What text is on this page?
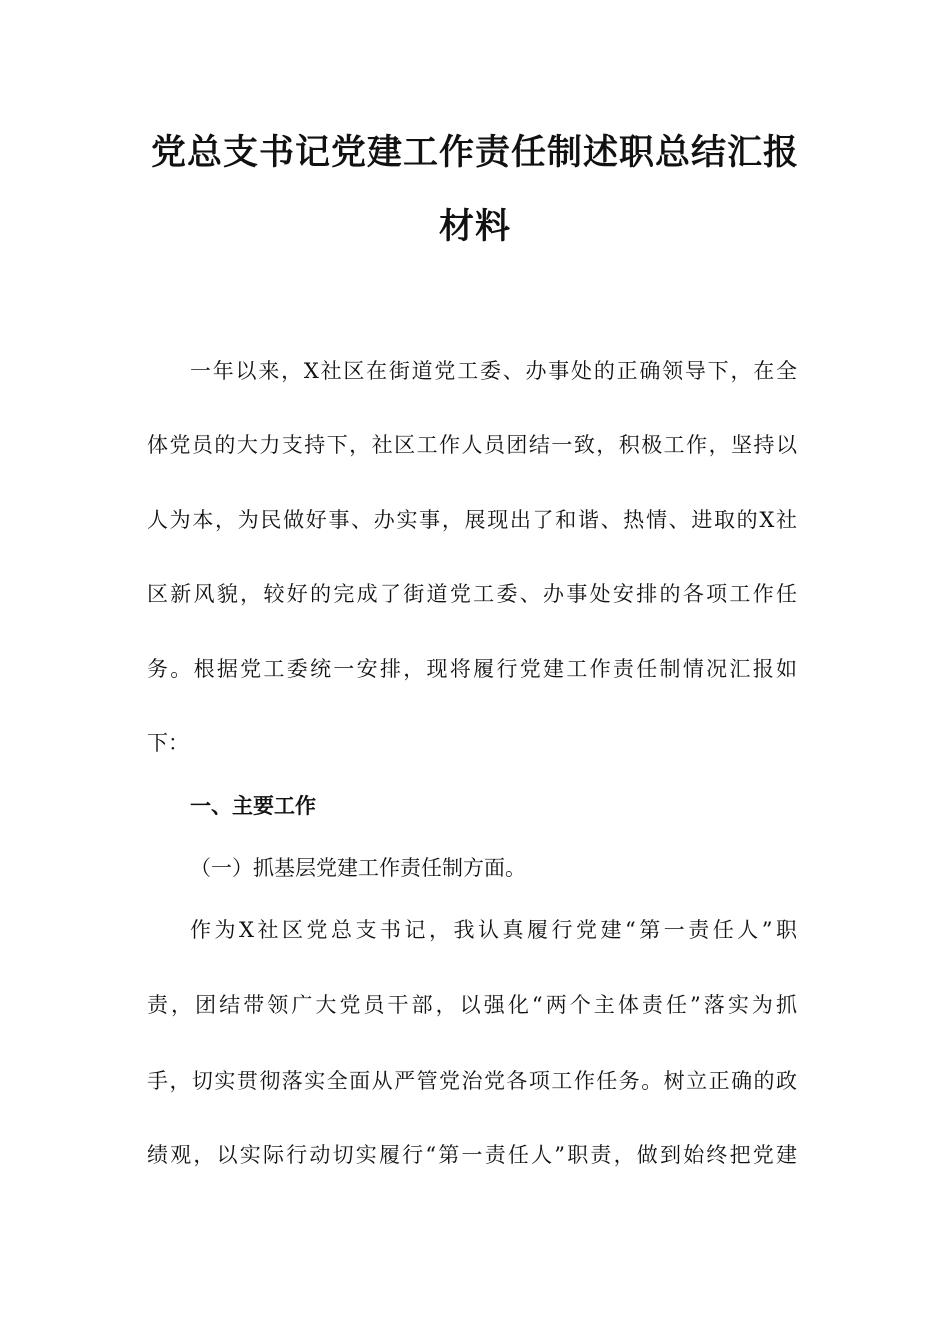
党总支书记党建工作责任制述职总结汇报
材料
一年以来，X社区在街道党工委、办事处的正确领导下，在全
体党员的大力支持下，社区工作人员团结一致，积极工作，坚持以
人为本，为民做好事、办实事，展现出了和谐、热情、进取的X社
区新风貌，较好的完成了街道党工委、办事处安排的各项工作任
务。根据党工委统一安排，现将履行党建工作责任制情况汇报如
下：
一、主要工作
（一）抓基层党建工作责任制方面。
作为X社区党总支书记，我认真履行党建“第一责任人”职
责，团结带领广大党员干部，以强化“两个主体责任”落实为抓
手，切实贯彻落实全面从严管党治党各项工作任务。树立正确的政
绩观，以实际行动切实履行“第一责任人”职责，做到始终把党建
